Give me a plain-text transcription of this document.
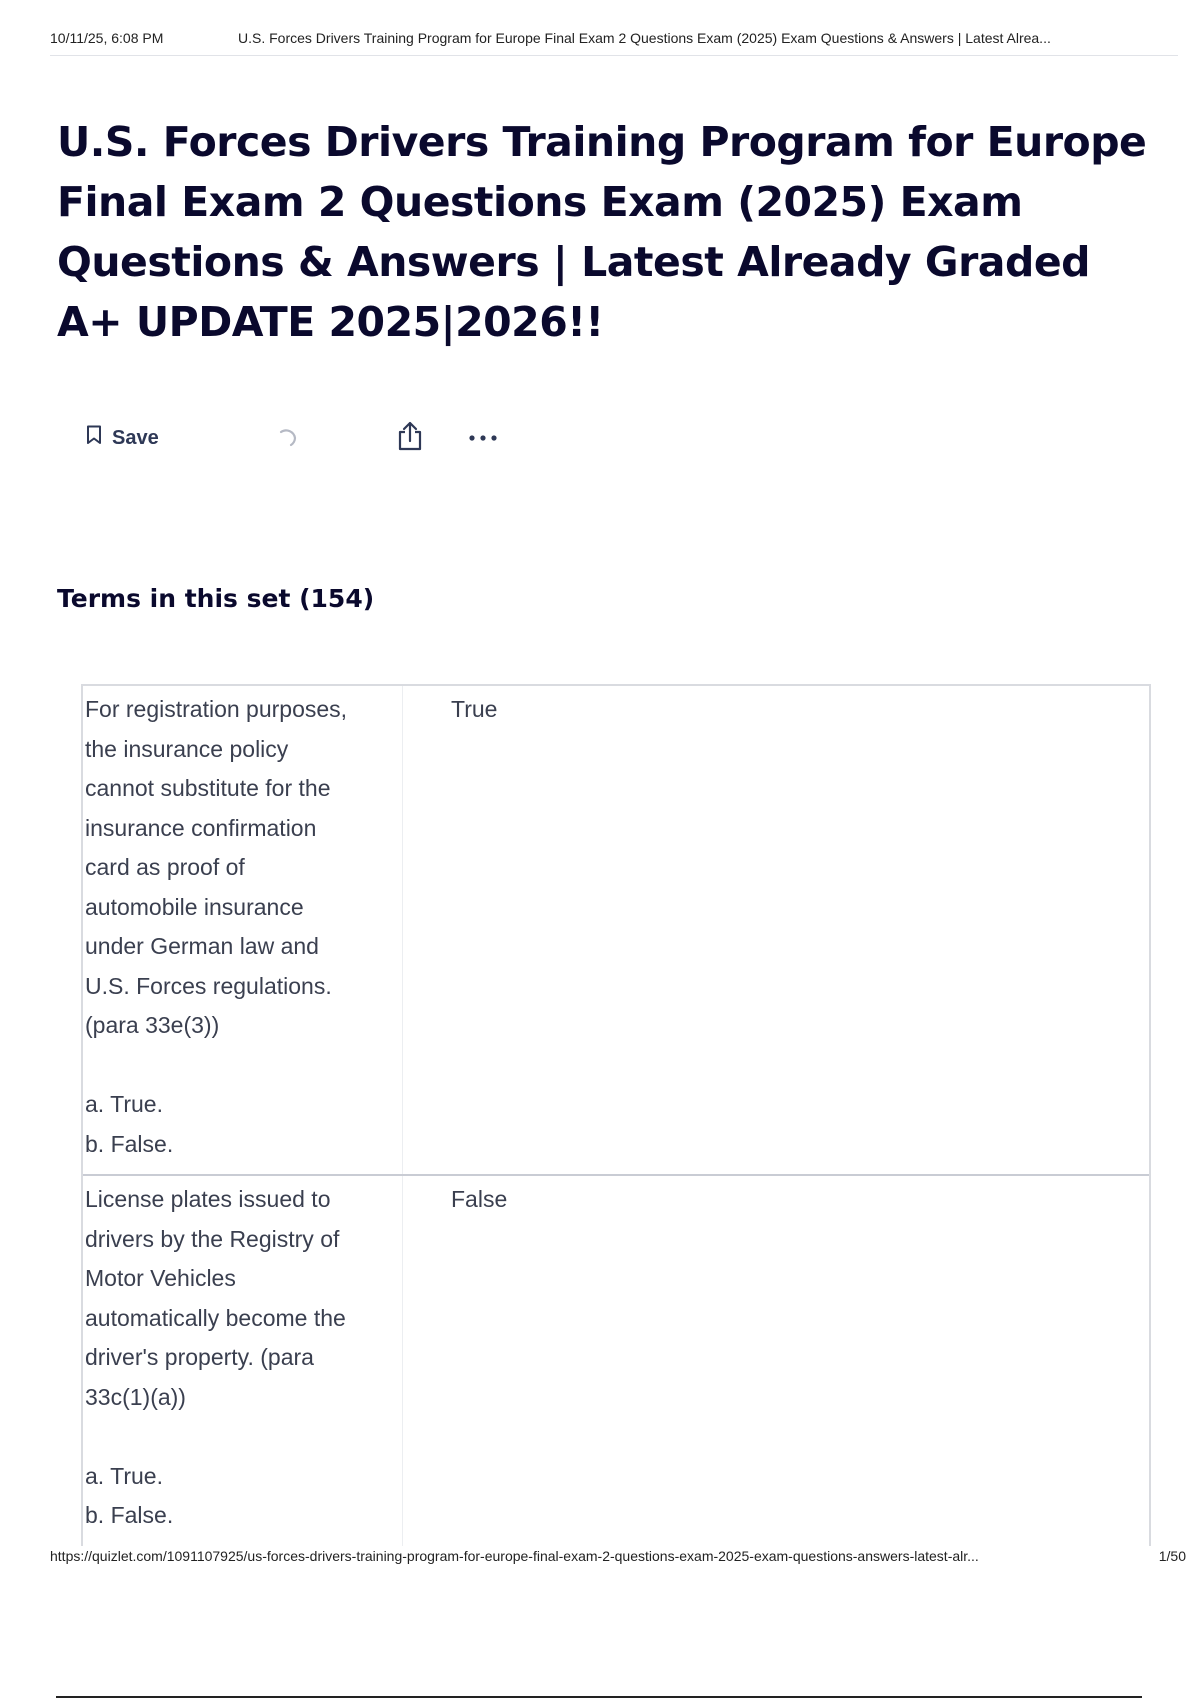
10/11/25, 6:08 PM	U.S. Forces Drivers Training Program for Europe Final Exam 2 Questions Exam (2025) Exam Questions & Answers | Latest Alrea...
U.S. Forces Drivers Training Program for Europe Final Exam 2 Questions Exam (2025) Exam Questions & Answers | Latest Already Graded A+ UPDATE 2025|2026!!
Save
Terms in this set (154)
For registration purposes,
the insurance policy
cannot substitute for the
insurance confirmation
card as proof of
automobile insurance
under German law and
U.S. Forces regulations.
(para 33e(3))

a. True.
b. False.
True
License plates issued to
drivers by the Registry of
Motor Vehicles
automatically become the
driver's property. (para
33c(1)(a))

a. True.
b. False.
False
https://quizlet.com/1091107925/us-forces-drivers-training-program-for-europe-final-exam-2-questions-exam-2025-exam-questions-answers-latest-alr...	1/50
